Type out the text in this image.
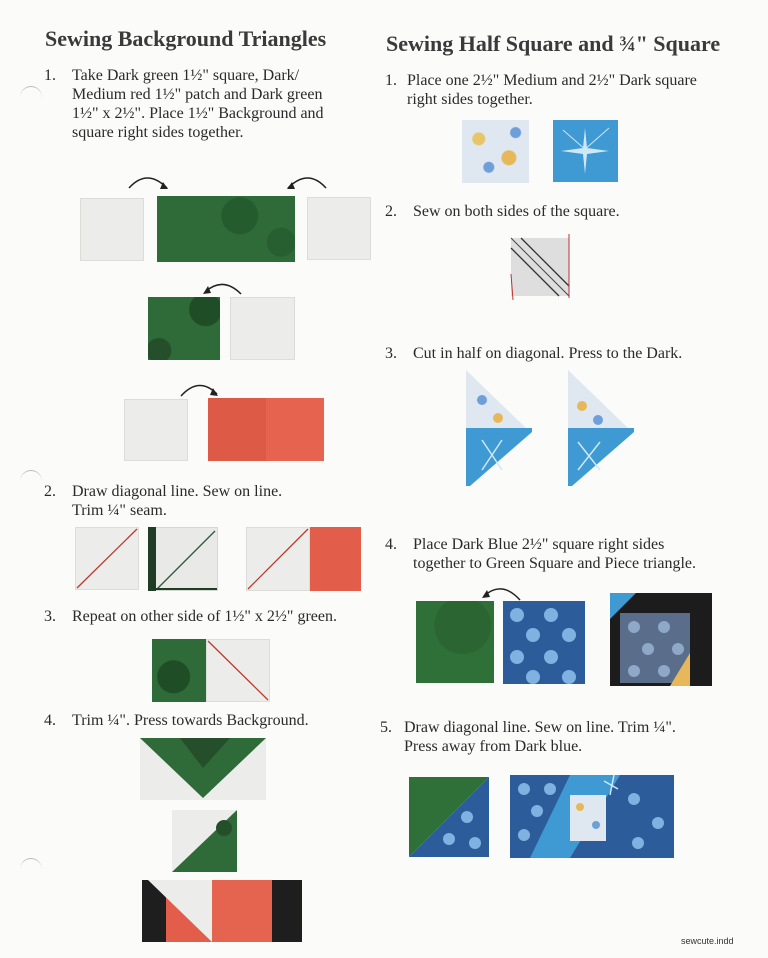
Sewing Background Triangles
1. Take Dark green 1½" square, Dark/
Medium red 1½" patch and Dark green
1½" x 2½". Place 1½" Background and
square right sides together.
2. Draw diagonal line. Sew on line.
Trim ¼" seam.
3. Repeat on other side of 1½" x 2½" green.
4. Trim ¼". Press towards Background.
Sewing Half Square and ¾" Square
1. Place one 2½" Medium and 2½" Dark square
right sides together.
2. Sew on both sides of the square.
3. Cut in half on diagonal. Press to the Dark.
4. Place Dark Blue 2½" square right sides
together to Green Square and Piece triangle.
5. Draw diagonal line. Sew on line. Trim ¼".
Press away from Dark blue.
sewcute.indd
